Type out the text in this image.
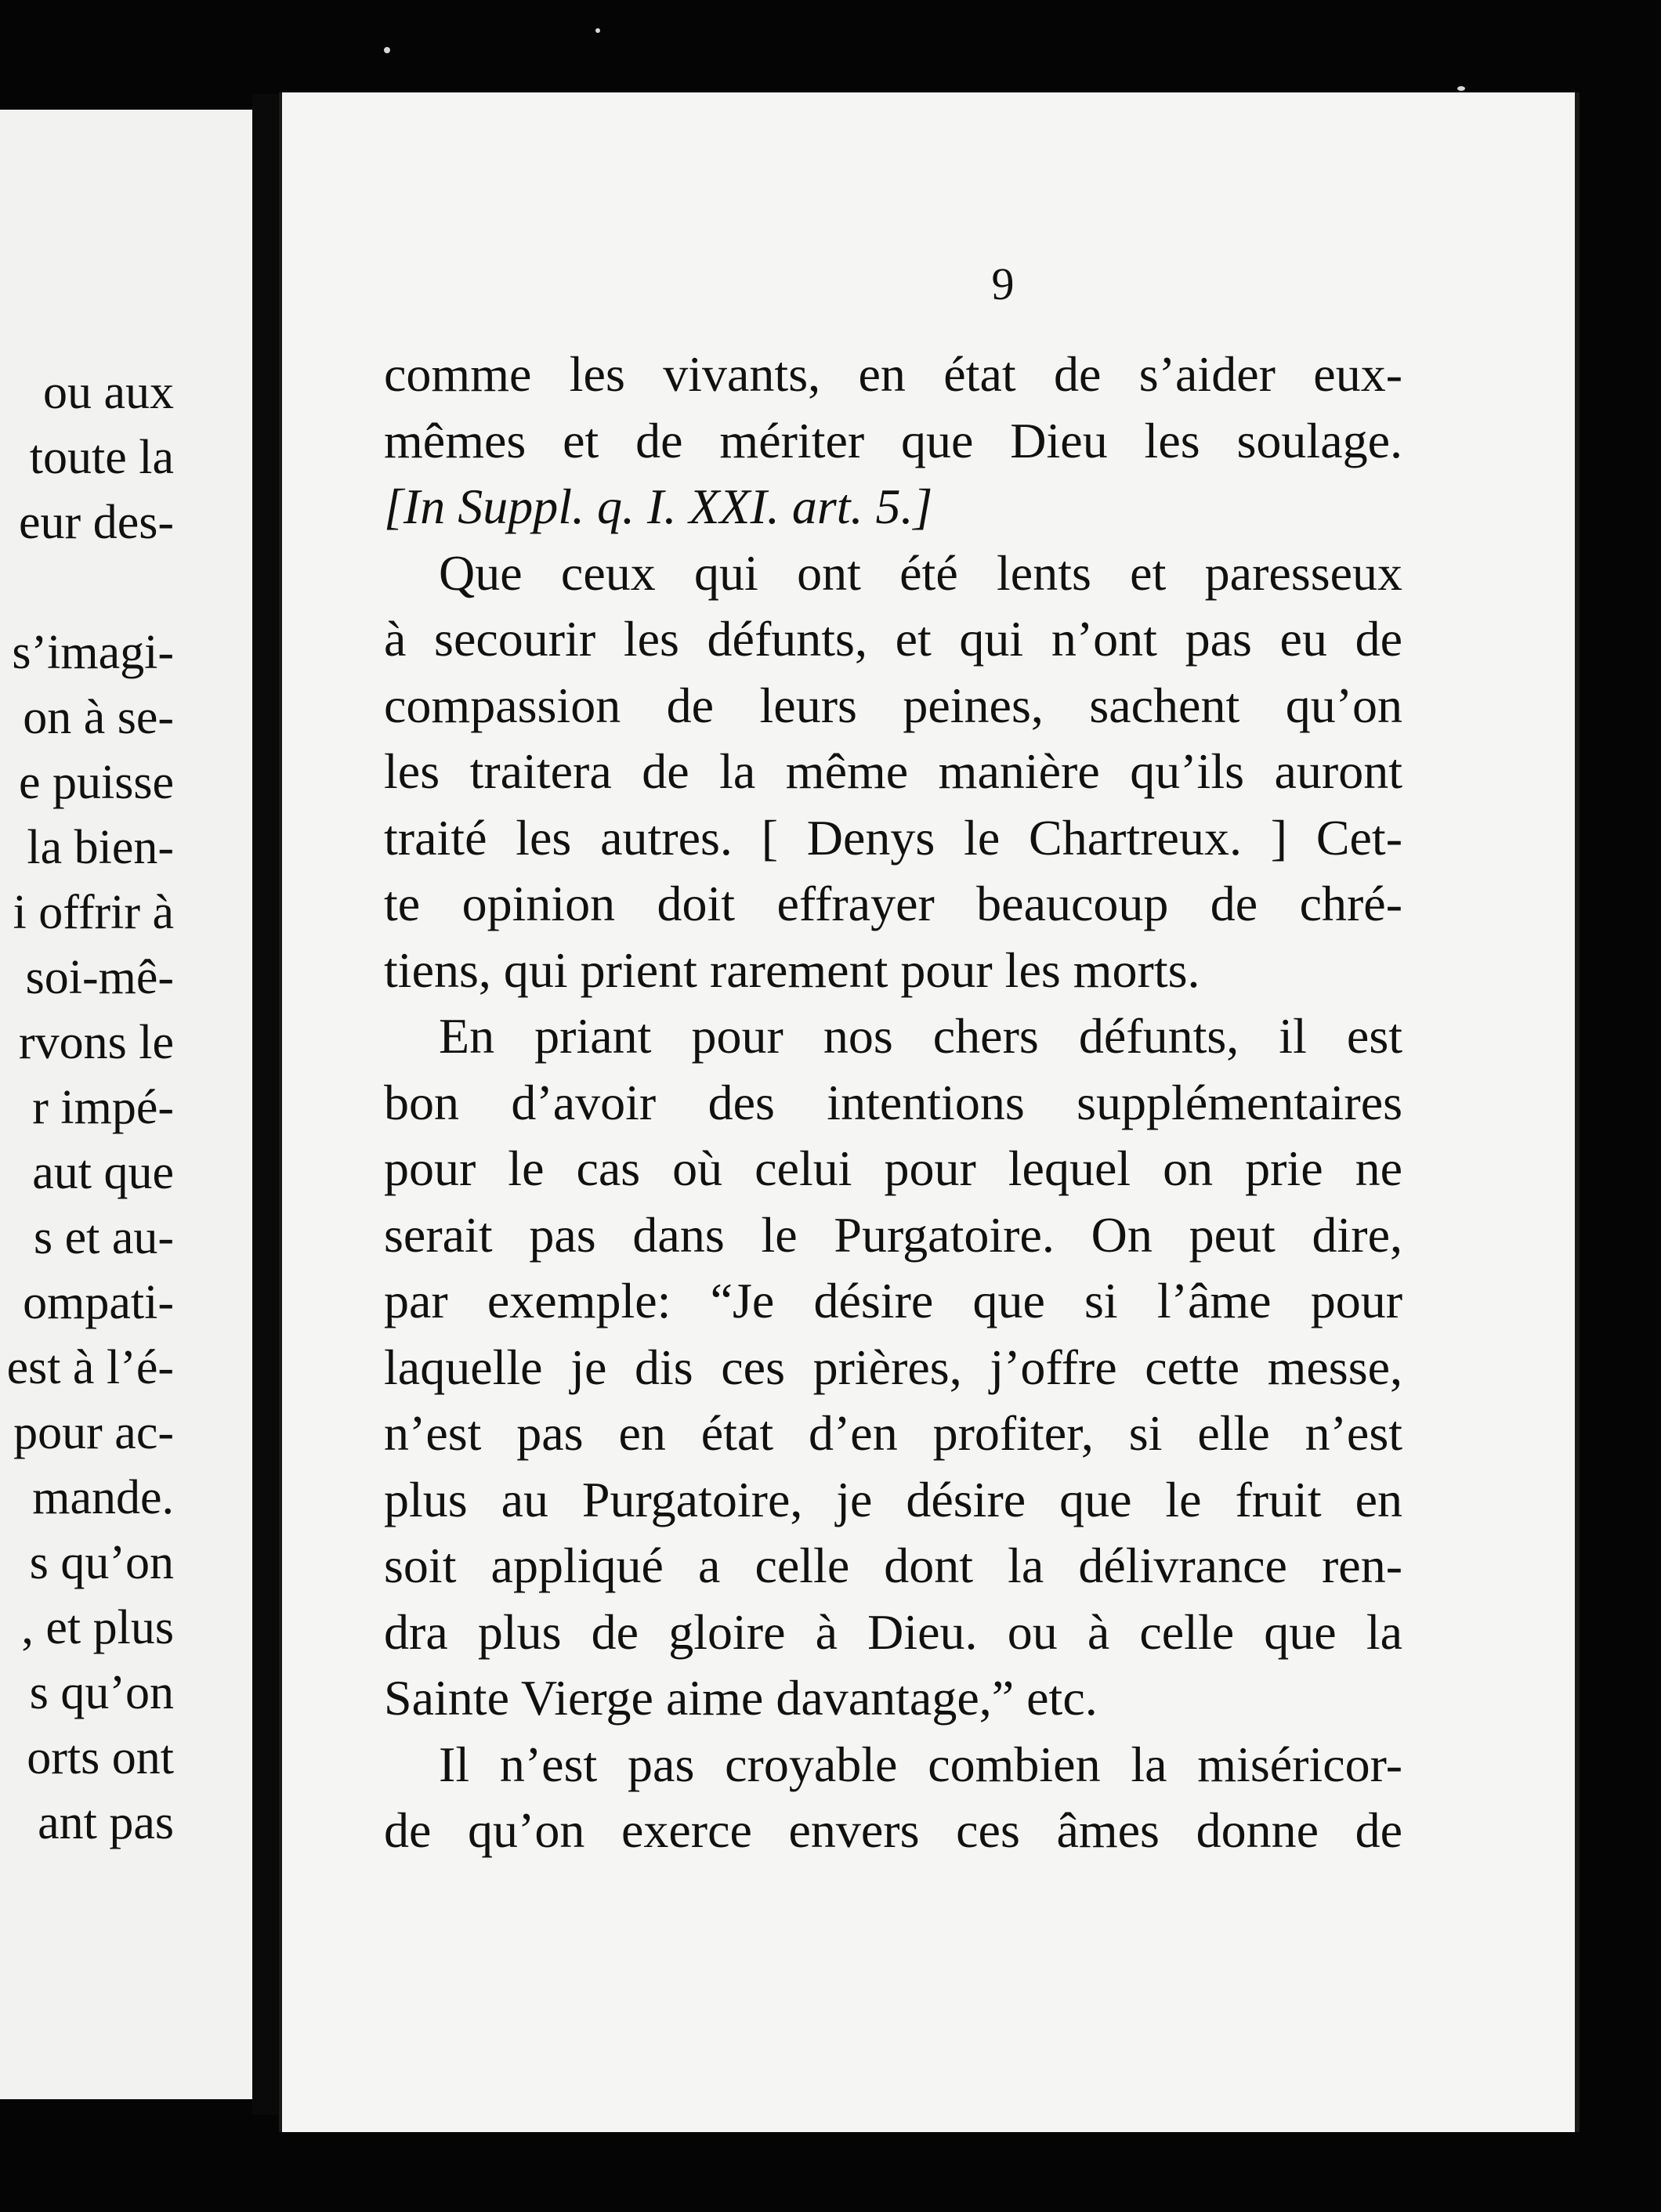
ou aux
toute la
eur des-

s’imagi-
on à se-
e puisse
la bien-
i offrir à
soi-mê-
rvons le
r impé-
aut que
s et au-
ompati-
est à l’é-
pour ac-
mande.
s qu’on
, et plus
s qu’on
orts ont
ant pas
9
comme les vivants, en état de s’aider eux-
mêmes et de mériter que Dieu les soulage.
[In Suppl. q. I. XXI. art. 5.]
Que ceux qui ont été lents et paresseux
à secourir les défunts, et qui n’ont pas eu de
compassion de leurs peines, sachent qu’on
les traitera de la même manière qu’ils auront
traité les autres. [ Denys le Chartreux. ] Cet-
te opinion doit effrayer beaucoup de chré-
tiens, qui prient rarement pour les morts.
En priant pour nos chers défunts, il est
bon d’avoir des intentions supplémentaires
pour le cas où celui pour lequel on prie ne
serait pas dans le Purgatoire. On peut dire,
par exemple: “Je désire que si l’âme pour
laquelle je dis ces prières, j’offre cette messe,
n’est pas en état d’en profiter, si elle n’est
plus au Purgatoire, je désire que le fruit en
soit appliqué a celle dont la délivrance ren-
dra plus de gloire à Dieu. ou à celle que la
Sainte Vierge aime davantage,” etc.
Il n’est pas croyable combien la miséricor-
de qu’on exerce envers ces âmes donne de
